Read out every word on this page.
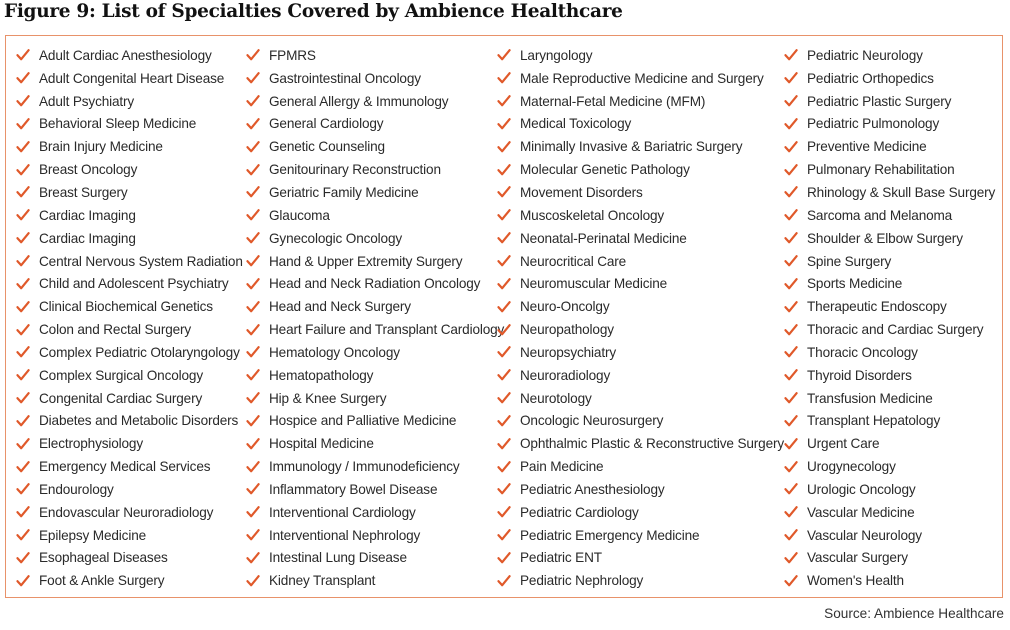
Figure 9: List of Specialties Covered by Ambience Healthcare
Adult Cardiac Anesthesiology
Adult Congenital Heart Disease
Adult Psychiatry
Behavioral Sleep Medicine
Brain Injury Medicine
Breast Oncology
Breast Surgery
Cardiac Imaging
Cardiac Imaging
Central Nervous System Radiation
Child and Adolescent Psychiatry
Clinical Biochemical Genetics
Colon and Rectal Surgery
Complex Pediatric Otolaryngology
Complex Surgical Oncology
Congenital Cardiac Surgery
Diabetes and Metabolic Disorders
Electrophysiology
Emergency Medical Services
Endourology
Endovascular Neuroradiology
Epilepsy Medicine
Esophageal Diseases
Foot & Ankle Surgery
FPMRS
Gastrointestinal Oncology
General Allergy & Immunology
General Cardiology
Genetic Counseling
Genitourinary Reconstruction
Geriatric Family Medicine
Glaucoma
Gynecologic Oncology
Hand & Upper Extremity Surgery
Head and Neck Radiation Oncology
Head and Neck Surgery
Heart Failure and Transplant Cardiology
Hematology Oncology
Hematopathology
Hip & Knee Surgery
Hospice and Palliative Medicine
Hospital Medicine
Immunology / Immunodeficiency
Inflammatory Bowel Disease
Interventional Cardiology
Interventional Nephrology
Intestinal Lung Disease
Kidney Transplant
Laryngology
Male Reproductive Medicine and Surgery
Maternal-Fetal Medicine (MFM)
Medical Toxicology
Minimally Invasive & Bariatric Surgery
Molecular Genetic Pathology
Movement Disorders
Muscoskeletal Oncology
Neonatal-Perinatal Medicine
Neurocritical Care
Neuromuscular Medicine
Neuro-Oncolgy
Neuropathology
Neuropsychiatry
Neuroradiology
Neurotology
Oncologic Neurosurgery
Ophthalmic Plastic & Reconstructive Surgery
Pain Medicine
Pediatric Anesthesiology
Pediatric Cardiology
Pediatric Emergency Medicine
Pediatric ENT
Pediatric Nephrology
Pediatric Neurology
Pediatric Orthopedics
Pediatric Plastic Surgery
Pediatric Pulmonology
Preventive Medicine
Pulmonary Rehabilitation
Rhinology & Skull Base Surgery
Sarcoma and Melanoma
Shoulder & Elbow Surgery
Spine Surgery
Sports Medicine
Therapeutic Endoscopy
Thoracic and Cardiac Surgery
Thoracic Oncology
Thyroid Disorders
Transfusion Medicine
Transplant Hepatology
Urgent Care
Urogynecology
Urologic Oncology
Vascular Medicine
Vascular Neurology
Vascular Surgery
Women's Health
Source: Ambience Healthcare
